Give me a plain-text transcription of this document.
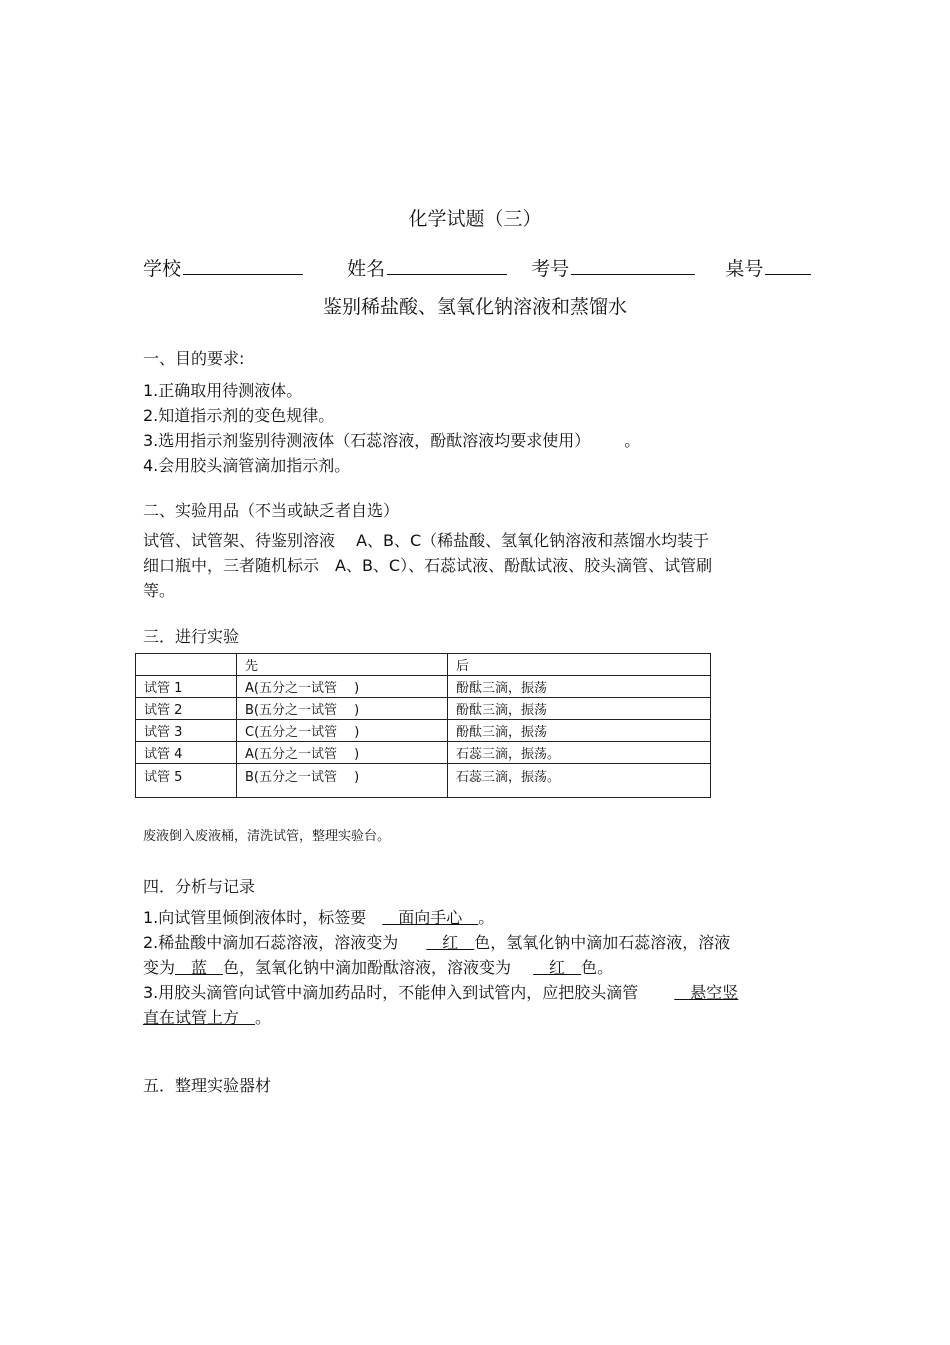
化学试题（三）
学校	姓名	考号	桌号
鉴别稀盐酸、氢氧化钠溶液和蒸馏水
一、目的要求:
1.正确取用待测液体。
2.知道指示剂的变色规律。
3.选用指示剂鉴别待测液体（石蕊溶液，酚酞溶液均要求使用） 。
4.会用胶头滴管滴加指示剂。
二、实验用品（不当或缺乏者自选）
试管、试管架、待鉴别溶液　 A、B、C（稀盐酸、氢氧化钠溶液和蒸馏水均装于
细口瓶中，三者随机标示　A、B、C）、石蕊试液、酚酞试液、胶头滴管、试管刷
等。
三．进行实验
	先	后
试管 1	A(五分之一试管　 )	酚酞三滴，振荡
试管 2	B(五分之一试管　 )	酚酞三滴，振荡
试管 3	C(五分之一试管　 )	酚酞三滴，振荡
试管 4	A(五分之一试管　 )	石蕊三滴，振荡。
试管 5	B(五分之一试管　 )	石蕊三滴，振荡。
废液倒入废液桶，清洗试管，整理实验台。
四．分析与记录
1.向试管里倾倒液体时，标签要　面向手心　。
2.稀盐酸中滴加石蕊溶液，溶液变为　红　色，氢氧化钠中滴加石蕊溶液，溶液
变为　蓝　色，氢氧化钠中滴加酚酞溶液，溶液变为　红　色。
3.用胶头滴管向试管中滴加药品时，不能伸入到试管内，应把胶头滴管　悬空竖
直在试管上方　。
五．整理实验器材
